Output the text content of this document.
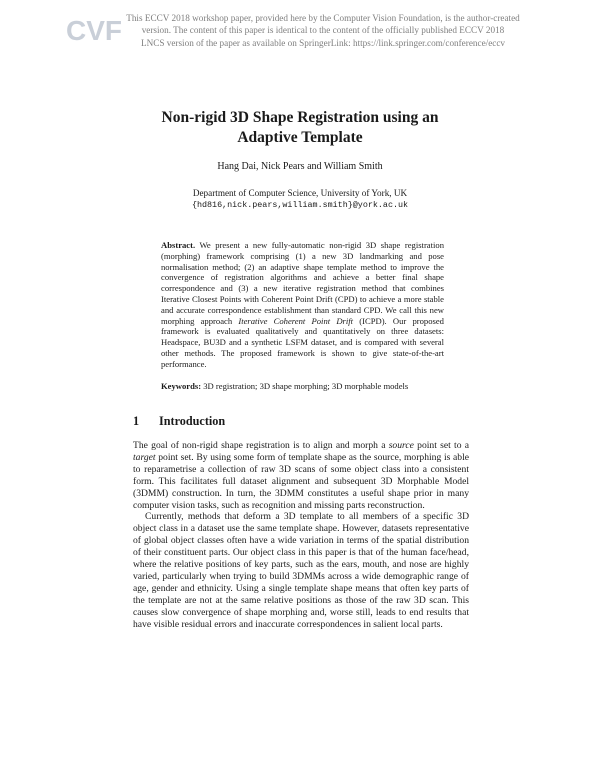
CVF This ECCV 2018 workshop paper, provided here by the Computer Vision Foundation, is the author-created
version. The content of this paper is identical to the content of the officially published ECCV 2018
LNCS version of the paper as available on SpringerLink: https://link.springer.com/conference/eccv
Non-rigid 3D Shape Registration using an
Adaptive Template
Hang Dai, Nick Pears and William Smith
Department of Computer Science, University of York, UK
{hd816,nick.pears,william.smith}@york.ac.uk
Abstract. We present a new fully-automatic non-rigid 3D shape registration (morphing) framework comprising (1) a new 3D landmarking and pose normalisation method; (2) an adaptive shape template method to improve the convergence of registration algorithms and achieve a better final shape correspondence and (3) a new iterative registration method that combines Iterative Closest Points with Coherent Point Drift (CPD) to achieve a more stable and accurate correspondence establishment than standard CPD. We call this new morphing approach Iterative Coherent Point Drift (ICPD). Our proposed framework is evaluated qualitatively and quantitatively on three datasets: Headspace, BU3D and a synthetic LSFM dataset, and is compared with several other methods. The proposed framework is shown to give state-of-the-art performance.
Keywords: 3D registration; 3D shape morphing; 3D morphable models
1 Introduction

The goal of non-rigid shape registration is to align and morph a source point set to a target point set. By using some form of template shape as the source, morphing is able to reparametrise a collection of raw 3D scans of some object class into a consistent form. This facilitates full dataset alignment and subsequent 3D Morphable Model (3DMM) construction. In turn, the 3DMM constitutes a useful shape prior in many computer vision tasks, such as recognition and missing parts reconstruction.

Currently, methods that deform a 3D template to all members of a specific 3D object class in a dataset use the same template shape. However, datasets representative of global object classes often have a wide variation in terms of the spatial distribution of their constituent parts. Our object class in this paper is that of the human face/head, where the relative positions of key parts, such as the ears, mouth, and nose are highly varied, particularly when trying to build 3DMMs across a wide demographic range of age, gender and ethnicity. Using a single template shape means that often key parts of the template are not at the same relative positions as those of the raw 3D scan. This causes slow convergence of shape morphing and, worse still, leads to end results that have visible residual errors and inaccurate correspondences in salient local parts.
